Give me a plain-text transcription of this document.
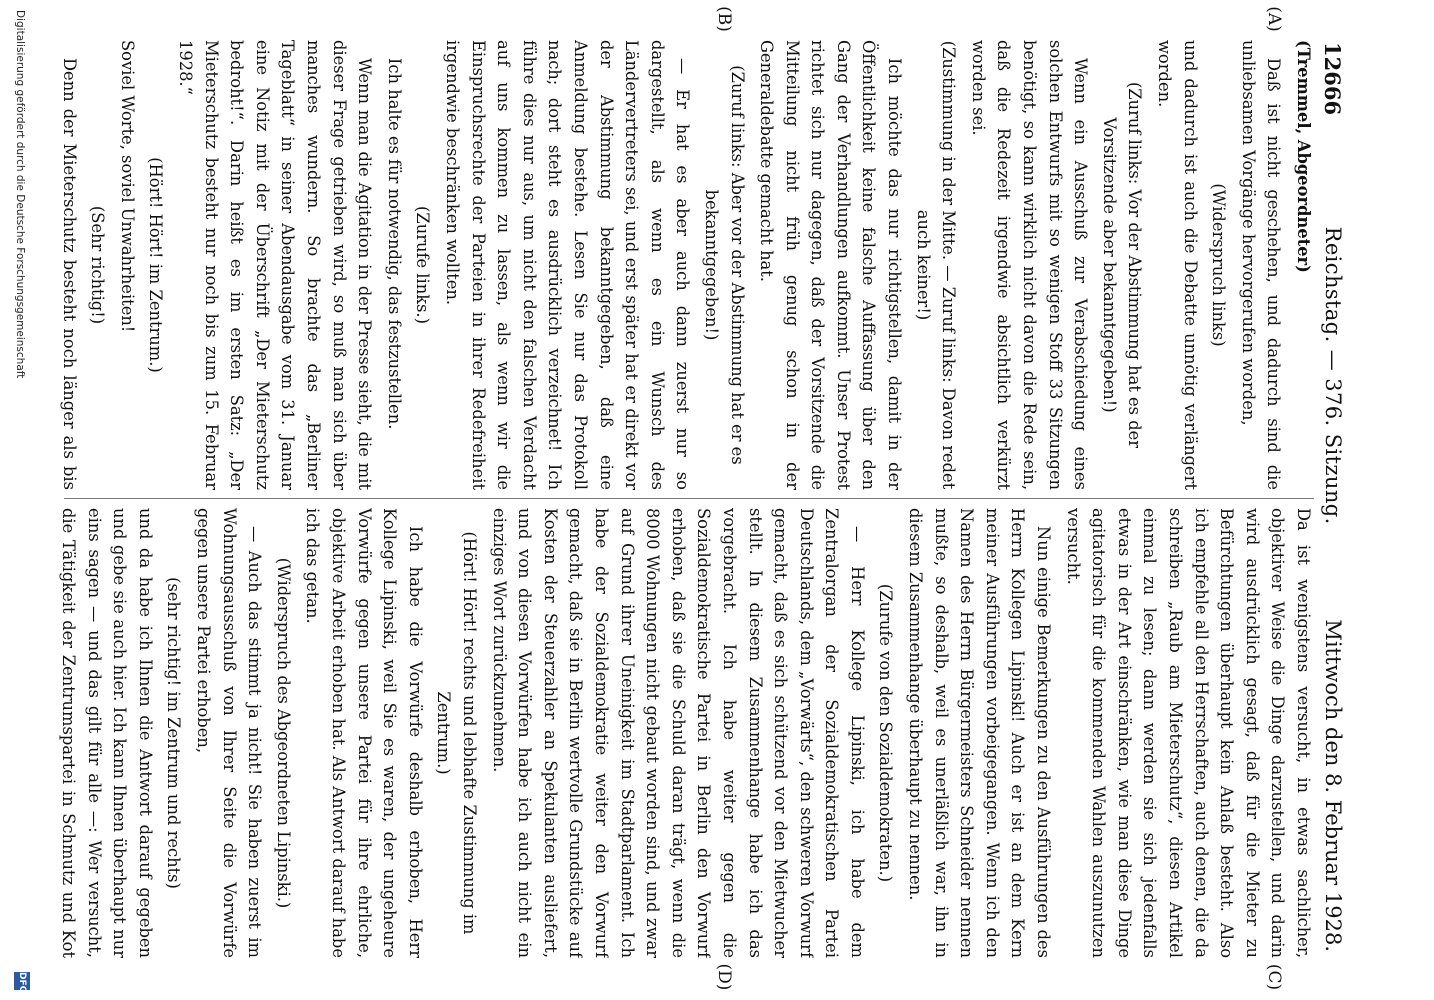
12666
Reichstag. — 376. Sitzung.
Mittwoch den 8. Februar 1928.
(A)
(B)
(C)
(D)

(Tremmel, Abgeordneter)

Daß ist nicht geschehen, und dadurch sind die unliebsamen Vorgänge hervorgerufen worden,

(Widerspruch links)

und dadurch ist auch die Debatte unnötig verlängert worden.

(Zuruf links: Vor der Abstimmung hat es der Vorsitzende aber bekanntgegeben!)

Wenn ein Ausschuß zur Verabschiedung eines solchen Entwurfs mit so wenigen Stoff 33 Sitzungen benötigt, so kann wirklich nicht davon die Rede sein, daß die Redezeit irgendwie absichtlich verkürzt worden sei.

(Zustimmung in der Mitte. — Zuruf links: Davon redet auch keiner!)

Ich möchte das nur richtigstellen, damit in der Öffentlichkeit keine falsche Auffassung über den Gang der Verhandlungen aufkommt. Unser Protest richtet sich nur dagegen, daß der Vorsitzende die Mitteilung nicht früh genug schon in der Generaldebatte gemacht hat.

(Zuruf links: Aber vor der Abstimmung hat er es bekanntgegeben!)

— Er hat es aber auch dann zuerst nur so dargestellt, als wenn es ein Wunsch des Ländervertreters sei, und erst später hat er direkt vor der Abstimmung bekanntgegeben, daß eine Anmeldung bestehe. Lesen Sie nur das Protokoll nach; dort steht es ausdrücklich verzeichnet! Ich führe dies nur aus, um nicht den falschen Verdacht auf uns kommen zu lassen, als wenn wir die Einspruchsrechte der Parteien in ihrer Redefreiheit irgendwie beschränken wollten.

(Zurufe links.)

Ich halte es für notwendig, das festzustellen.

Wenn man die Agitation in der Presse sieht, die mit dieser Frage getrieben wird, so muß man sich über manches wundern. So brachte das „Berliner Tageblatt“ in seiner Abendausgabe vom 31. Januar eine Notiz mit der Überschrift „Der Mieterschutz bedroht!“. Darin heißt es im ersten Satz: „Der Mieterschutz besteht nur noch bis zum 15. Februar 1928.“

(Hört! Hört! im Zentrum.)

Soviel Worte, soviel Unwahrheiten!

(Sehr richtig!)

Denn der Mieterschutz besteht noch länger als bis

Da ist wenigstens versucht, in etwas sachlicher, objektiver Weise die Dinge darzustellen, und darin wird ausdrücklich gesagt, daß für die Mieter zu Befürchtungen überhaupt kein Anlaß besteht. Also ich empfehle all den Herrschaften, auch denen, die da schreiben „Raub am Mieterschutz“, diesen Artikel einmal zu lesen; dann werden sie sich jedenfalls etwas in der Art einschränken, wie man diese Dinge agitatorisch für die kommenden Wahlen auszunutzen versucht.

Nun einige Bemerkungen zu den Ausführungen des Herrn Kollegen Lipinski! Auch er ist an dem Kern meiner Ausführungen vorbeigegangen. Wenn ich den Namen des Herrn Bürgermeisters Schneider nennen mußte, so deshalb, weil es unerläßlich war, ihn in diesem Zusammenhange überhaupt zu nennen.

(Zurufe von den Sozialdemokraten.)

— Herr Kollege Lipinski, ich habe dem Zentralorgan der Sozialdemokratischen Partei Deutschlands, dem „Vorwärts“, den schweren Vorwurf gemacht, daß es sich schützend vor den Mietwucher stellt. In diesem Zusammenhange habe ich das vorgebracht. Ich habe weiter gegen die Sozialdemokratische Partei in Berlin den Vorwurf erhoben, daß sie die Schuld daran trägt, wenn die 8000 Wohnungen nicht gebaut worden sind, und zwar auf Grund ihrer Uneinigkeit im Stadtparlament. Ich habe der Sozialdemokratie weiter den Vorwurf gemacht, daß sie in Berlin wertvolle Grundstücke auf Kosten der Steuerzahler an Spekulanten ausliefert, und von diesen Vorwürfen habe ich auch nicht ein einziges Wort zurückzunehmen.

(Hört! Hört! rechts und lebhafte Zustimmung im Zentrum.)

Ich habe die Vorwürfe deshalb erhoben, Herr Kollege Lipinski, weil Sie es waren, der ungeheure Vorwürfe gegen unsere Partei für ihre ehrliche, objektive Arbeit erhoben hat. Als Antwort darauf habe ich das getan.

(Widerspruch des Abgeordneten Lipinski.)

— Auch das stimmt ja nicht! Sie haben zuerst im Wohnungsausschuß von Ihrer Seite die Vorwürfe gegen unsere Partei erhoben,

(sehr richtig! im Zentrum und rechts)

und da habe ich Ihnen die Antwort darauf gegeben und gebe sie auch hier. Ich kann Ihnen überhaupt nur eins sagen — und das gilt für alle —: Wer versucht, die Tätigkeit der Zentrumspartei in Schmutz und Kot

Digitalisierung gefördert durch die Deutsche Forschungsgemeinschaft
DFG
